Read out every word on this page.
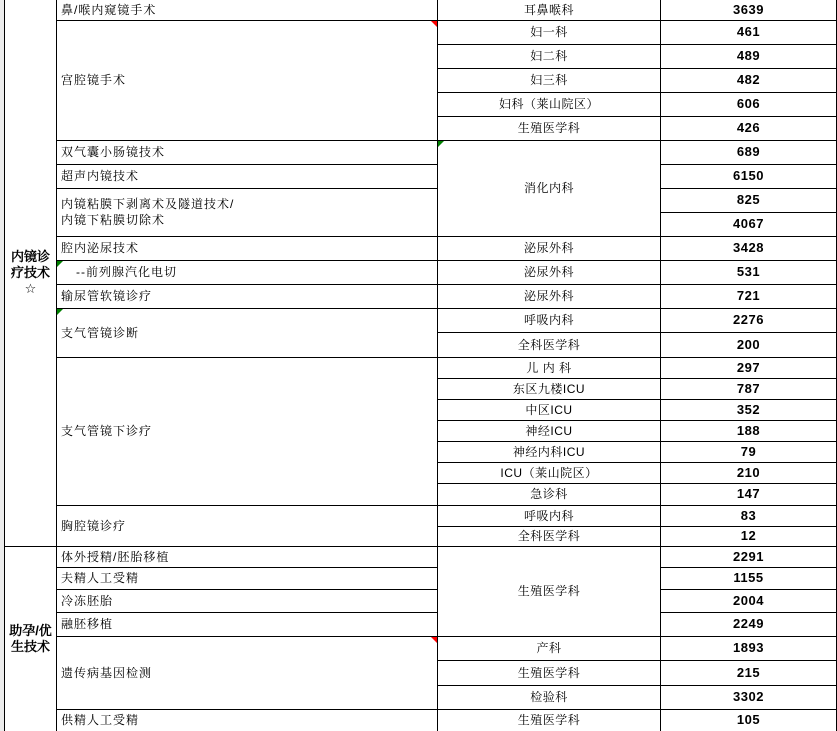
内镜诊疗技术☆	鼻/喉内窥镜手术	耳鼻喉科	3639
	宫腔镜手术	妇一科	461
		妇二科	489
		妇三科	482
		妇科（莱山院区）	606
		生殖医学科	426
	双气囊小肠镜技术	消化内科	689
	超声内镜技术		6150
	内镜粘膜下剥离术及隧道技术/
内镜下粘膜切除术		825
			4067
	腔内泌尿技术	泌尿外科	3428
	--前列腺汽化电切	泌尿外科	531
	输尿管软镜诊疗	泌尿外科	721
	支气管镜诊断	呼吸内科	2276
		全科医学科	200
	支气管镜下诊疗	儿 内 科	297
		东区九楼ICU	787
		中区ICU	352
		神经ICU	188
		神经内科ICU	79
		ICU（莱山院区）	210
		急诊科	147
	胸腔镜诊疗	呼吸内科	83
		全科医学科	12
助孕/优生技术	体外授精/胚胎移植	生殖医学科	2291
	夫精人工受精		1155
	冷冻胚胎		2004
	融胚移植		2249
	遗传病基因检测	产科	1893
		生殖医学科	215
		检验科	3302
	供精人工受精	生殖医学科	105
